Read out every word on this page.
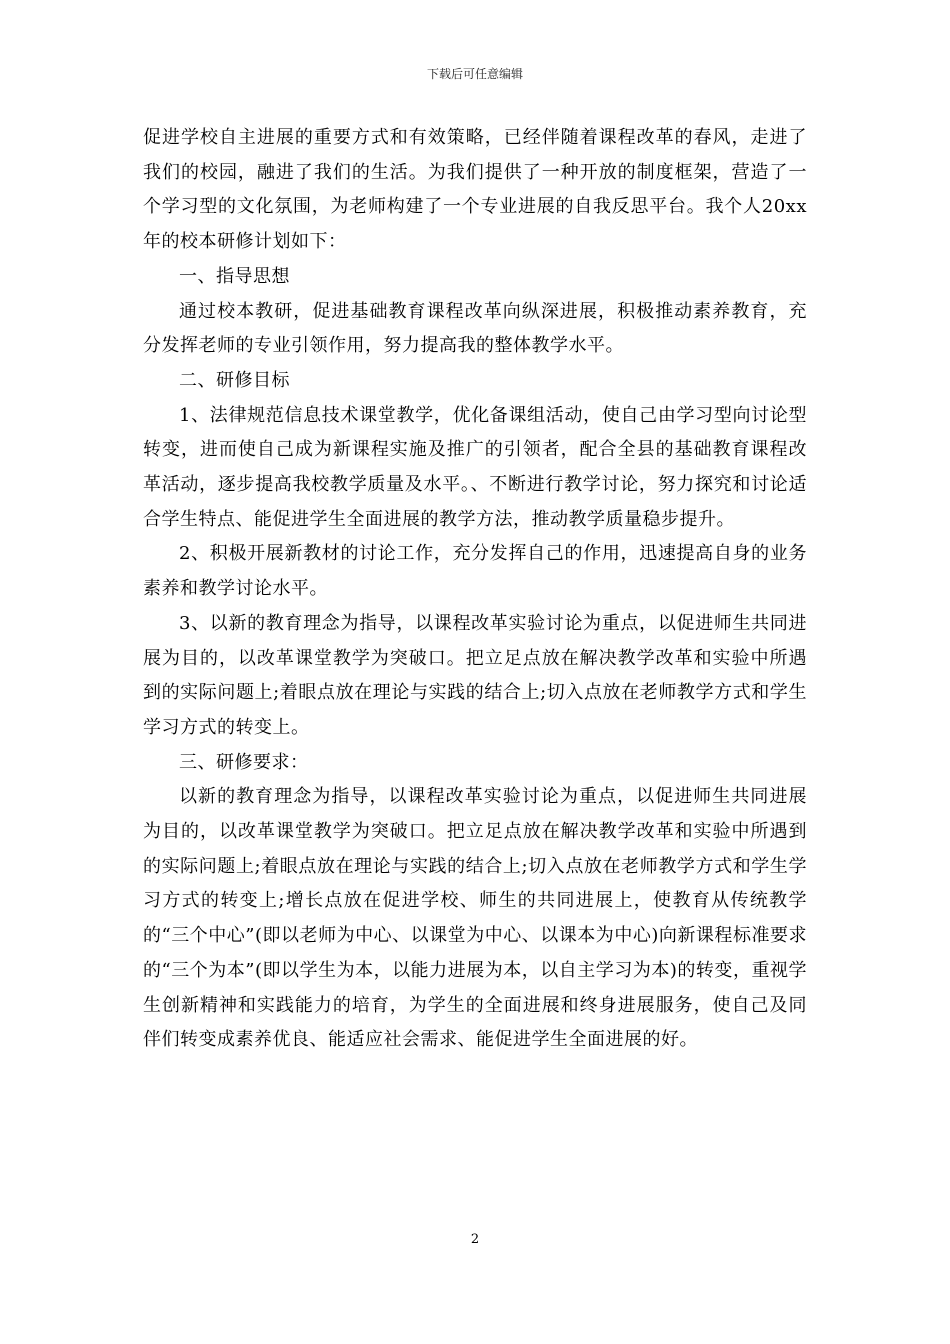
下载后可任意编辑

促进学校自主进展的重要方式和有效策略，已经伴随着课程改革的春风，走进了我们的校园，融进了我们的生活。为我们提供了一种开放的制度框架，营造了一个学习型的文化氛围，为老师构建了一个专业进展的自我反思平台。我个人20xx年的校本研修计划如下：

一、指导思想

通过校本教研，促进基础教育课程改革向纵深进展，积极推动素养教育，充分发挥老师的专业引领作用，努力提高我的整体教学水平。

二、研修目标

1、法律规范信息技术课堂教学，优化备课组活动，使自己由学习型向讨论型转变，进而使自己成为新课程实施及推广的引领者，配合全县的基础教育课程改革活动，逐步提高我校教学质量及水平。、不断进行教学讨论，努力探究和讨论适合学生特点、能促进学生全面进展的教学方法，推动教学质量稳步提升。

2、积极开展新教材的讨论工作，充分发挥自己的作用，迅速提高自身的业务素养和教学讨论水平。

3、以新的教育理念为指导，以课程改革实验讨论为重点，以促进师生共同进展为目的，以改革课堂教学为突破口。把立足点放在解决教学改革和实验中所遇到的实际问题上;着眼点放在理论与实践的结合上;切入点放在老师教学方式和学生学习方式的转变上。

三、研修要求：

以新的教育理念为指导，以课程改革实验讨论为重点，以促进师生共同进展为目的，以改革课堂教学为突破口。把立足点放在解决教学改革和实验中所遇到的实际问题上;着眼点放在理论与实践的结合上;切入点放在老师教学方式和学生学习方式的转变上;增长点放在促进学校、师生的共同进展上，使教育从传统教学的“三个中心”(即以老师为中心、以课堂为中心、以课本为中心)向新课程标准要求的“三个为本”(即以学生为本，以能力进展为本，以自主学习为本)的转变，重视学生创新精神和实践能力的培育，为学生的全面进展和终身进展服务，使自己及同伴们转变成素养优良、能适应社会需求、能促进学生全面进展的好。

2
